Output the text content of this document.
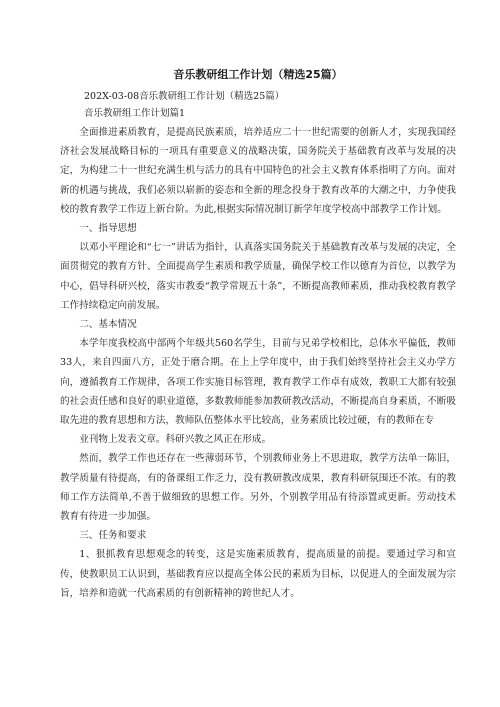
音乐教研组工作计划（精选25篇）
202X-03-08音乐教研组工作计划（精选25篇）
音乐教研组工作计划篇1
全面推进素质教育，是提高民族素质，培养适应二十一世纪需要的创新人才，实现我国经济社会发展战略目标的一项具有重要意义的战略决策，国务院关于基础教育改革与发展的决定，为构建二十一世纪充满生机与活力的具有中国特色的社会主义教育体系指明了方向。面对新的机遇与挑战，我们必须以崭新的姿态和全新的理念投身于教育改革的大潮之中，力争使我校的教育教学工作迈上新台阶。为此,根据实际情况制订新学年度学校高中部教学工作计划。
一、指导思想
以邓小平理论和“七一”讲话为指针，认真落实国务院关于基础教育改革与发展的决定，全面贯彻党的教育方针、全面提高学生素质和教学质量，确保学校工作以德育为首位，以教学为中心，倡导科研兴校，落实市教委“教学常规五十条”，不断提高教师素质，推动我校教育教学工作持续稳定向前发展。
二、基本情况
本学年度我校高中部两个年级共560名学生，目前与兄弟学校相比，总体水平偏低，教师33人，来自四面八方，正处于磨合期。在上上学年度中，由于我们始终坚持社会主义办学方向，遵循教育工作规律，各项工作实施目标管理，教育教学工作卓有成效，教职工大都有较强的社会责任感和良好的职业道德，多数教师能参加教研教改活动，不断提高自身素质，不断吸取先进的教育思想和方法，教师队伍整体水平比较高，业务素质比较过硬，有的教师在专
业刊物上发表文章。科研兴教之风正在形成。
然而，教学工作也还存在一些薄弱环节，个别教师业务上不思进取，教学方法单一陈旧，教学质量有待提高，有的备课组工作乏力，没有教研教改成果，教育科研氛围还不浓。有的教师工作方法简单,不善于做细致的思想工作。另外，个别教学用品有待添置或更新。劳动技术教育有待进一步加强。
三、任务和要求
1、狠抓教育思想观念的转变，这是实施素质教育，提高质量的前提。要通过学习和宣传，使教职员工认识到，基础教育应以提高全体公民的素质为目标，以促进人的全面发展为宗旨，培养和造就一代高素质的有创新精神的跨世纪人才。
